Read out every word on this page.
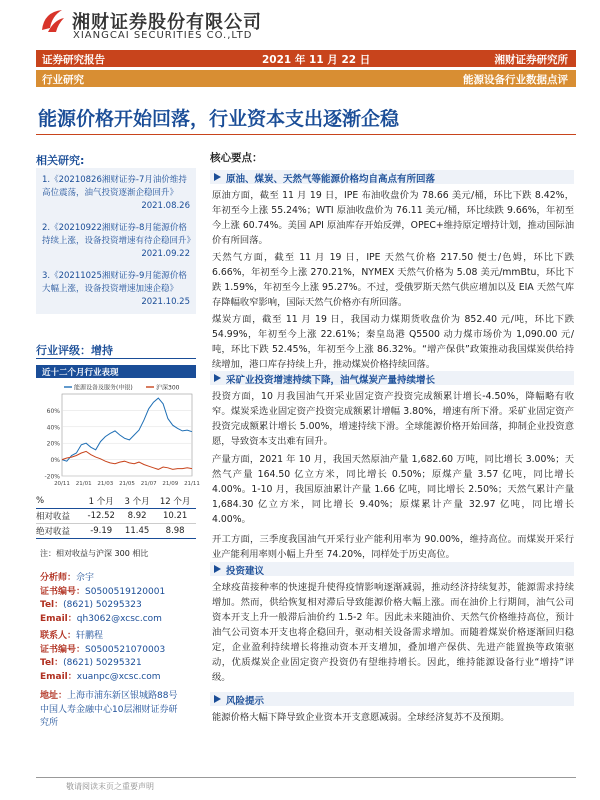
湘财证券股份有限公司
XIANGCAI SECURITIES CO.,LTD
证券研究报告	2021 年 11 月 22 日	湘财证券研究所
行业研究	能源设备行业数据点评
能源价格开始回落，行业资本支出逐渐企稳
相关研究:
1.《20210826湘财证券-7月油价维持高位震荡，油气投资逐渐企稳回升》
2021.08.26
2.《20210922湘财证券-8月能源价格持续上涨，设备投资增速有待企稳回升》
2021.09.22
3.《20211025湘财证券-9月能源价格大幅上涨，设备投资增速加速企稳》
2021.10.25
行业评级：增持
近十二个月行业表现
60%
40%
20%
0%
-20%
20/11 21/01 21/03 21/05 21/07 21/09 21/11
能源设备及服务(申银)	沪深300
%	1 个月	3 个月	12 个月
相对收益	-12.52	8.92	10.21
绝对收益	-9.19	11.45	8.98
注：相对收益与沪深 300 相比
分析师：佘宇
证书编号：S0500519120001
Tel：(8621) 50295323
Email：qh3062@xcsc.com
联系人：轩鹏程
证书编号：S0500521070003
Tel：(8621) 50295321
Email：xuanpc@xcsc.com
地址：上海市浦东新区银城路88号
中国人寿金融中心10层湘财证券研
究所
核心要点：
原油、煤炭、天然气等能源价格均自高点有所回落
原油方面，截至 11 月 19 日，IPE 布油收盘价为 78.66 美元/桶，环比下跌 8.42%，年初至今上涨 55.24%；WTI 原油收盘价为 76.11 美元/桶，环比续跌 9.66%，年初至今上涨 60.74%。美国 API 原油库存开始反弹，OPEC+维持原定增持计划，推动国际油价有所回落。
天然气方面，截至 11 月 19 日，IPE 天然气价格 217.50 便士/色姆，环比下跌 6.66%，年初至今上涨 270.21%，NYMEX 天然气价格为 5.08 美元/mmBtu，环比下跌 1.59%，年初至今上涨 95.27%。不过，受俄罗斯天然气供应增加以及 EIA 天然气库存降幅收窄影响，国际天然气价格亦有所回落。
煤炭方面，截至 11 月 19 日，我国动力煤期货收盘价为 852.40 元/吨，环比下跌 54.99%，年初至今上涨 22.61%；秦皇岛港 Q5500 动力煤市场价为 1,090.00 元/吨，环比下跌 52.45%，年初至今上涨 86.32%。“增产保供”政策推动我国煤炭供给持续增加，港口库存持续上升，推动煤炭价格持续回落。
采矿业投资增速持续下降，油气煤炭产量持续增长
投资方面，10 月我国油气开采业固定资产投资完成额累计增长-4.50%，降幅略有收窄。煤炭采选业固定资产投资完成额累计增幅 3.80%，增速有所下滑。采矿业固定资产投资完成额累计增长 5.00%，增速持续下滑。全球能源价格开始回落，抑制企业投资意愿，导致资本支出难有回升。
产量方面，2021 年 10 月，我国天然原油产量 1,682.60 万吨，同比增长 3.00%；天然气产量 164.50 亿立方米，同比增长 0.50%；原煤产量 3.57 亿吨，同比增长 4.00%。1-10 月，我国原油累计产量 1.66 亿吨，同比增长 2.50%；天然气累计产量 1,684.30 亿立方米，同比增长 9.40%；原煤累计产量 32.97 亿吨，同比增长 4.00%。
开工方面，三季度我国油气开采行业产能利用率为 90.00%，维持高位。而煤炭开采行业产能利用率则小幅上升至 74.20%，同样处于历史高位。
投资建议
全球疫苗接种率的快速提升使得疫情影响逐渐减弱，推动经济持续复苏，能源需求持续增加。然而，供给恢复相对滞后导致能源价格大幅上涨。而在油价上行期间，油气公司资本开支上升一般滞后油价约 1.5-2 年。因此未来随油价、天然气价格维持高位，预计油气公司资本开支也将企稳回升，驱动相关设备需求增加。而随着煤炭价格逐渐回归稳定，企业盈利持续增长将推动资本开支增加，叠加增产保供、先进产能置换等政策驱动，优质煤炭企业固定资产投资仍有望维持增长。因此，维持能源设备行业“增持”评级。
风险提示
能源价格大幅下降导致企业资本开支意愿减弱。全球经济复苏不及预期。
敬请阅读末页之重要声明
